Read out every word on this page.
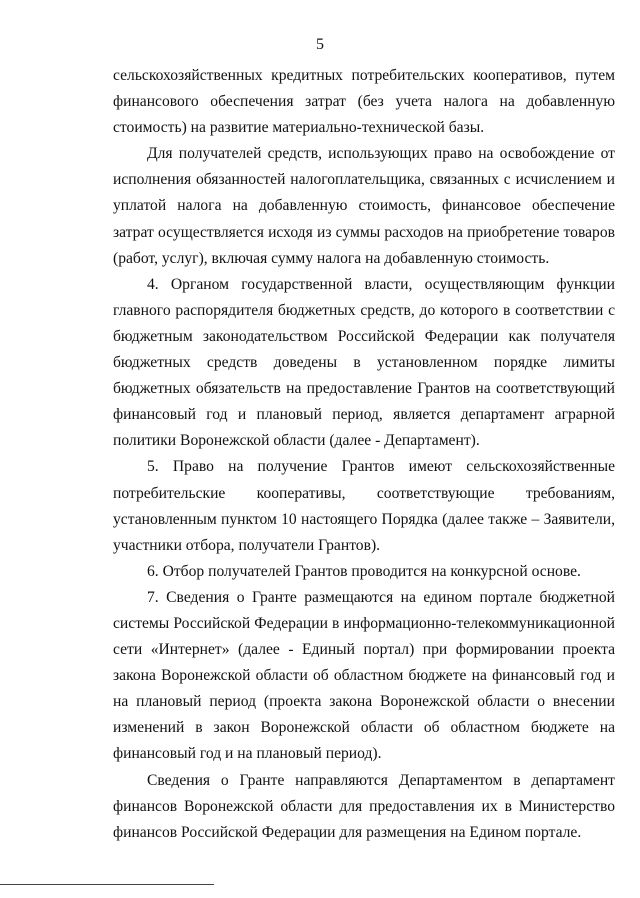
5

сельскохозяйственных кредитных потребительских кооперативов, путем финансового обеспечения затрат (без учета налога на добавленную стоимость) на развитие материально-технической базы.

Для получателей средств, использующих право на освобождение от исполнения обязанностей налогоплательщика, связанных с исчислением и уплатой налога на добавленную стоимость, финансовое обеспечение затрат осуществляется исходя из суммы расходов на приобретение товаров (работ, услуг), включая сумму налога на добавленную стоимость.

4. Органом государственной власти, осуществляющим функции главного распорядителя бюджетных средств, до которого в соответствии с бюджетным законодательством Российской Федерации как получателя бюджетных средств доведены в установленном порядке лимиты бюджетных обязательств на предоставление Грантов на соответствующий финансовый год и плановый период, является департамент аграрной политики Воронежской области (далее - Департамент).

5. Право на получение Грантов имеют сельскохозяйственные потребительские кооперативы, соответствующие требованиям, установленным пунктом 10 настоящего Порядка (далее также – Заявители, участники отбора, получатели Грантов).

6. Отбор получателей Грантов проводится на конкурсной основе.

7. Сведения о Гранте размещаются на едином портале бюджетной системы Российской Федерации в информационно-телекоммуникационной сети «Интернет» (далее - Единый портал) при формировании проекта закона Воронежской области об областном бюджете на финансовый год и на плановый период (проекта закона Воронежской области о внесении изменений в закон Воронежской области об областном бюджете на финансовый год и на плановый период).

Сведения о Гранте направляются Департаментом в департамент финансов Воронежской области для предоставления их в Министерство финансов Российской Федерации для размещения на Едином портале.
